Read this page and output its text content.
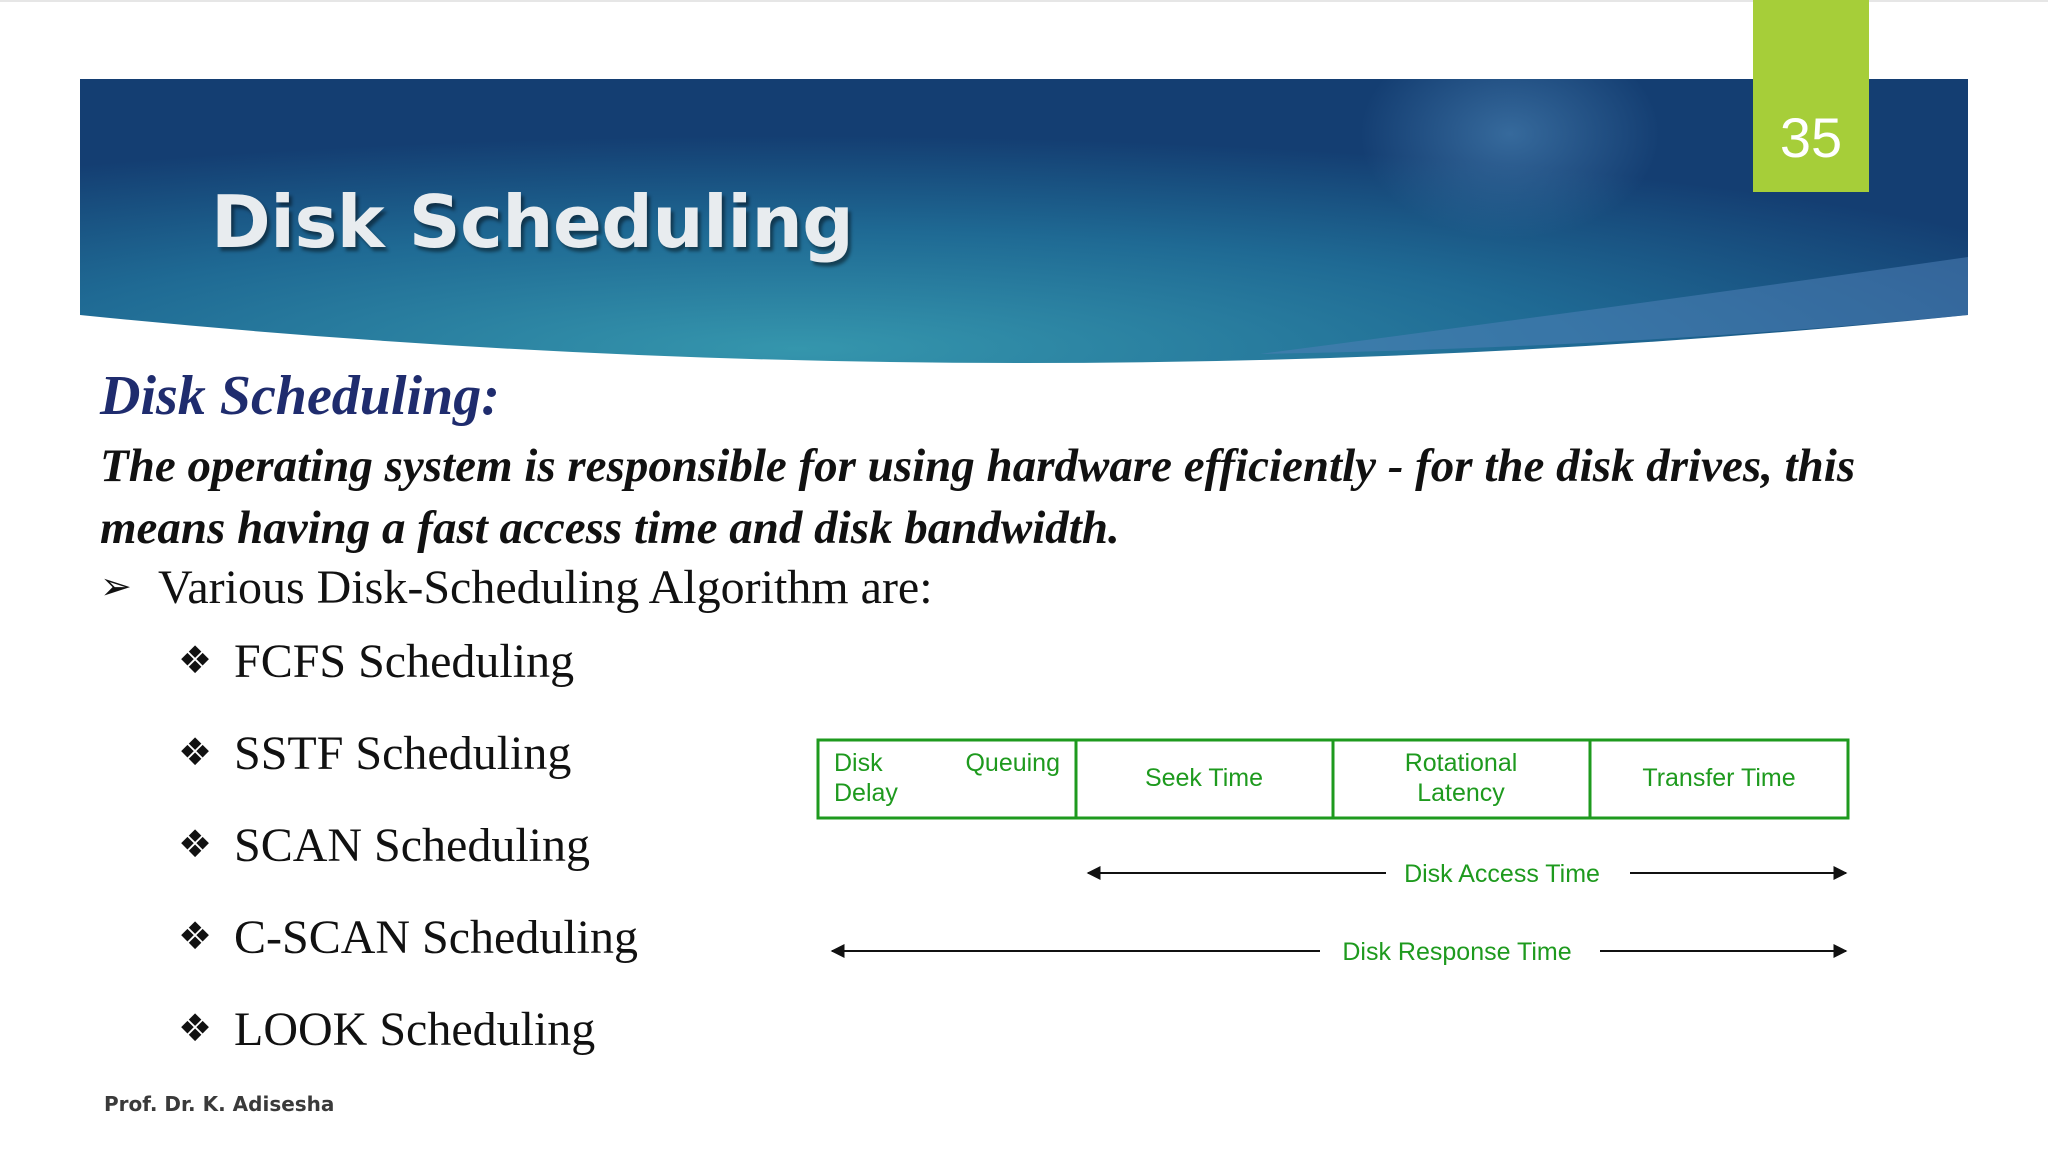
35
Disk Scheduling
Disk Scheduling:

The operating system is responsible for using hardware efficiently - for the disk drives, this means having a fast access time and disk bandwidth.

➢ Various Disk-Scheduling Algorithm are:

❖ FCFS Scheduling
❖ SSTF Scheduling
❖ SCAN Scheduling
❖ C-SCAN Scheduling
❖ LOOK Scheduling
Disk
Delay
Queuing
Seek Time
Rotational
Latency
Transfer Time
Disk Access Time
Disk Response Time
Prof. Dr. K. Adisesha
